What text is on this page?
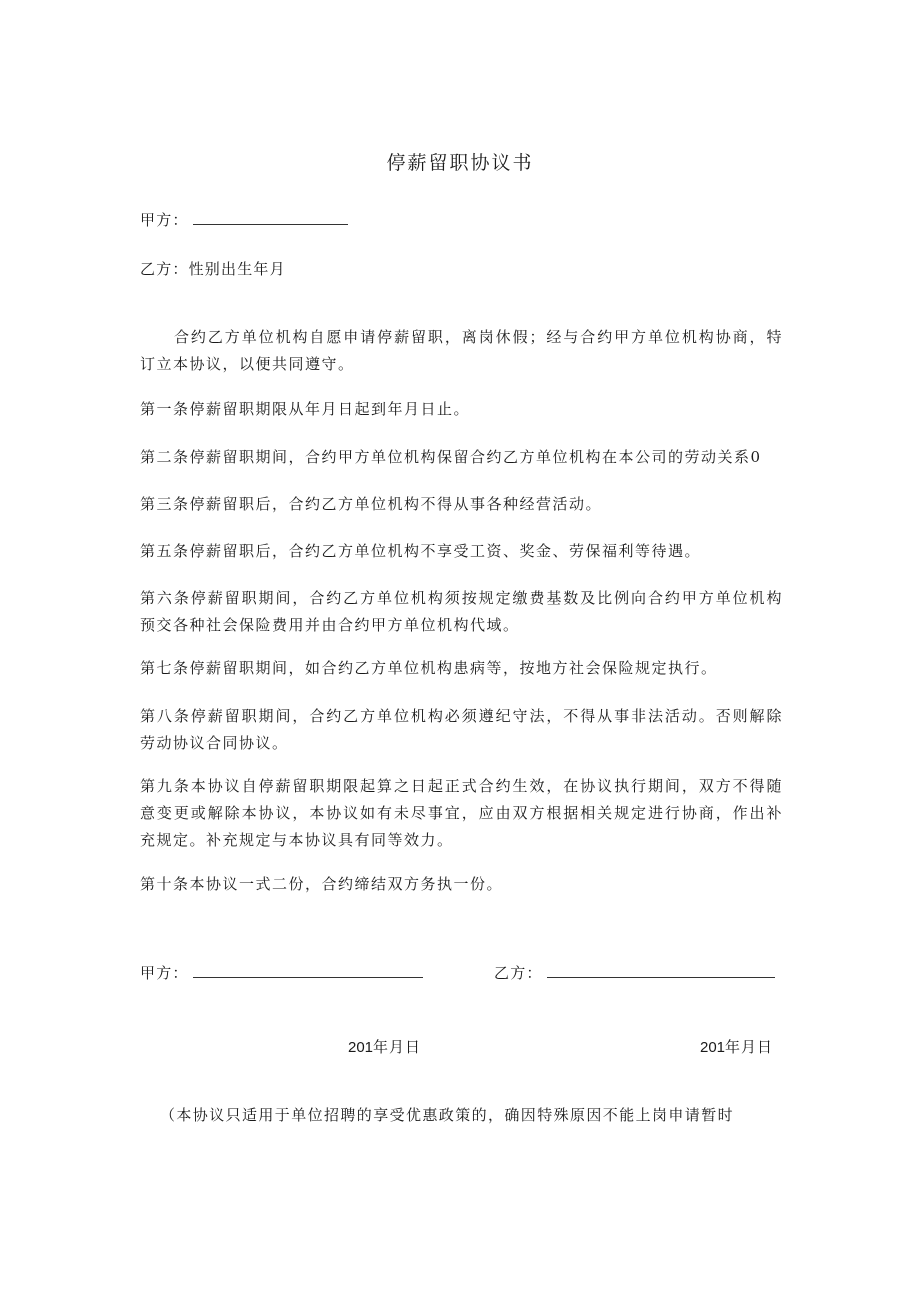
停薪留职协议书
甲方：
乙方：性别出生年月
合约乙方单位机构自愿申请停薪留职，离岗休假；经与合约甲方单位机构协商，特订立本协议，以便共同遵守。
第一条停薪留职期限从年月日起到年月日止。
第二条停薪留职期间，合约甲方单位机构保留合约乙方单位机构在本公司的劳动关系0
第三条停薪留职后，合约乙方单位机构不得从事各种经营活动。
第五条停薪留职后，合约乙方单位机构不享受工资、奖金、劳保福利等待遇。
第六条停薪留职期间，合约乙方单位机构须按规定缴费基数及比例向合约甲方单位机构预交各种社会保险费用并由合约甲方单位机构代域。
第七条停薪留职期间，如合约乙方单位机构患病等，按地方社会保险规定执行。
第八条停薪留职期间，合约乙方单位机构必须遵纪守法，不得从事非法活动。否则解除劳动协议合同协议。
第九条本协议自停薪留职期限起算之日起正式合约生效，在协议执行期间，双方不得随意变更或解除本协议，本协议如有未尽事宜，应由双方根据相关规定进行协商，作出补充规定。补充规定与本协议具有同等效力。
第十条本协议一式二份，合约缔结双方务执一份。
甲方：	乙方：
201年月日	201年月日
（本协议只适用于单位招聘的享受优惠政策的，确因特殊原因不能上岗申请暂时
